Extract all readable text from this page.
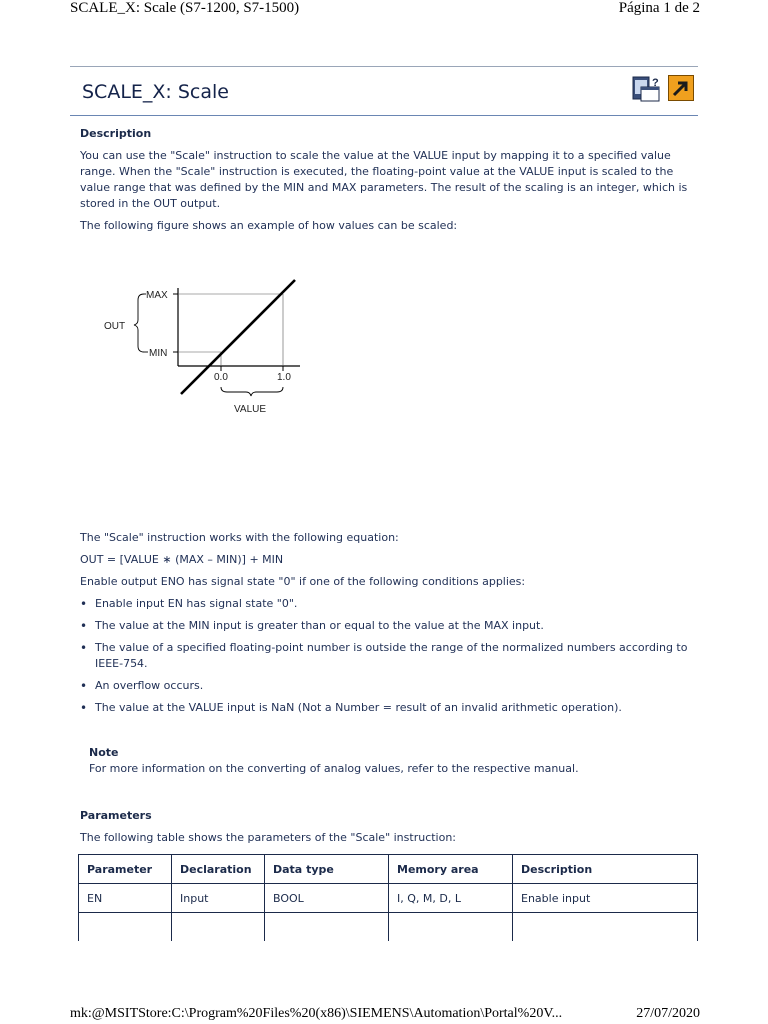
SCALE_X: Scale (S7-1200, S7-1500)	Página 1 de 2
SCALE_X: Scale	?

Description

You can use the "Scale" instruction to scale the value at the VALUE input by mapping it to a specified value range. When the "Scale" instruction is executed, the floating-point value at the VALUE input is scaled to the value range that was defined by the MIN and MAX parameters. The result of the scaling is an integer, which is stored in the OUT output.

The following figure shows an example of how values can be scaled:

MAX
MIN
OUT
0.0	1.0
VALUE

The "Scale" instruction works with the following equation:

OUT = [VALUE ∗ (MAX – MIN)] + MIN

Enable output ENO has signal state "0" if one of the following conditions applies:

• Enable input EN has signal state "0".
• The value at the MIN input is greater than or equal to the value at the MAX input.
• The value of a specified floating-point number is outside the range of the normalized numbers according to IEEE-754.
• An overflow occurs.
• The value at the VALUE input is NaN (Not a Number = result of an invalid arithmetic operation).
Note

For more information on the converting of analog values, refer to the respective manual.

Parameters

The following table shows the parameters of the "Scale" instruction:

Parameter	Declaration	Data type	Memory area	Description
EN	Input	BOOL	I, Q, M, D, L	Enable input

mk:@MSITStore:C:\Program%20Files%20(x86)\SIEMENS\Automation\Portal%20V...	27/07/2020
